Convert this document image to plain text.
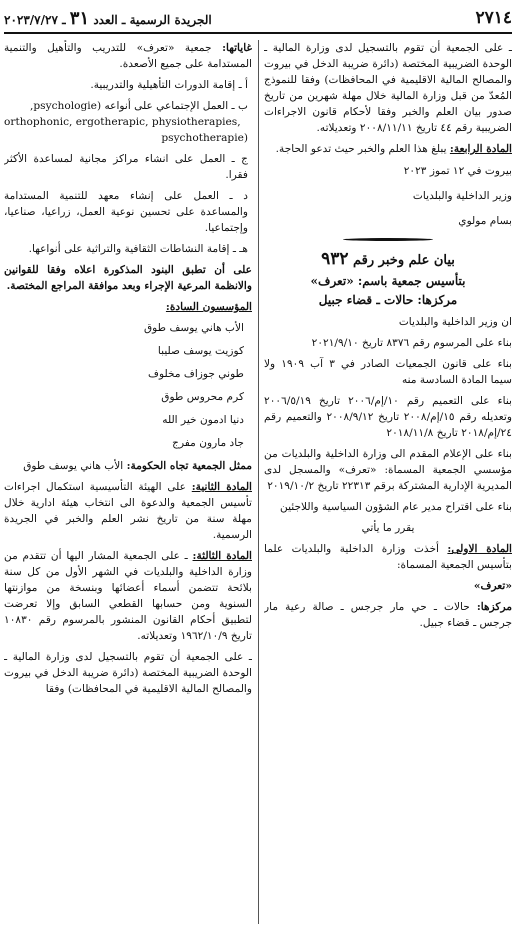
الجريدة الرسمية ـ العدد ٣١ ـ ٢٠٢٣/٧/٢٧	٢٧١٤

ـ على الجمعية أن تقوم بالتسجيل لدى وزارة المالية ـ الوحدة الضريبية المختصة (دائرة ضريبة الدخل في بيروت والمصالح المالية الاقليمية في المحافظات) وفقا للنموذج المُعدّ من قبل وزارة المالية خلال مهلة شهرين من تاريخ صدور بيان العلم والخبر وفقا لأحكام قانون الاجراءات الضريبية رقم ٤٤ تاريخ ٢٠٠٨/١١/١١ وتعديلاته.

المادة الرابعة: يبلغ هذا العلم والخبر حيث تدعو الحاجة.

بيروت في ١٢ تموز ٢٠٢٣
وزير الداخلية والبلديات
بسام مولوي
بيان علم وخبر رقم ٩٣٢
بتأسيس جمعية باسم: «تعرف»
مركزها: حالات ـ قضاء جبيل

ان وزير الداخلية والبلديات

بناء على المرسوم رقم ٨٣٧٦ تاريخ ٢٠٢١/٩/١٠

بناء على قانون الجمعيات الصادر في ٣ آب ١٩٠٩ ولا سيما المادة السادسة منه

بناء على التعميم رقم ١٠/إم/٢٠٠٦ تاريخ ٢٠٠٦/٥/١٩ وتعديله رقم ١٥/إم/٢٠٠٨ تاريخ ٢٠٠٨/٩/١٢ والتعميم رقم ٢٤/إم/٢٠١٨ تاريخ ٢٠١٨/١١/٨

بناء على الإعلام المقدم الى وزارة الداخلية والبلديات من مؤسسي الجمعية المسماة: «تعرف» والمسجل لدى المديرية الإدارية المشتركة برقم ٢٢٣١٣ تاريخ ٢٠١٩/١٠/٢

بناء على اقتراح مدير عام الشؤون السياسية واللاجئين

يقرر ما يأتي

المادة الاولى: أخذت وزارة الداخلية والبلديات علما بتأسيس الجمعية المسماة:

«تعرف»

مركزها: حالات ـ حي مار جرجس ـ صالة رعية مار جرجس ـ قضاء جبيل.

غاياتها: جمعية «تعرف» للتدريب والتأهيل والتنمية المستدامة على جميع الأصعدة.

أ ـ إقامة الدورات التأهيلية والتدريبية.

ب ـ العمل الإجتماعي على أنواعه (psychologie,
orthophonic, ergotherapic, physiotherapies,
psychotherapie)

ج ـ العمل على انشاء مراكز مجانية لمساعدة الأكثر فقرا.

د ـ العمل على إنشاء معهد للتنمية المستدامة والمساعدة على تحسين نوعية العمل، زراعيا، صناعيا، وإجتماعيا.

هـ ـ إقامة النشاطات الثقافية والتراثية على أنواعها.

على أن تطبق البنود المذكورة اعلاه وفقا للقوانين والانظمة المرعية الإجراء وبعد موافقة المراجع المختصة.

المؤسسون السادة:

الأب هاني يوسف طوق
كوزيت يوسف صليبا
طوني جوزاف مخلوف
كرم محروس طوق
دنيا ادمون خير الله
جاد مارون مفرج

ممثل الجمعية تجاه الحكومة: الأب هاني يوسف طوق

المادة الثانية: على الهيئة التأسيسية استكمال اجراءات تأسيس الجمعية والدعوة الى انتخاب هيئة ادارية خلال مهلة سنة من تاريخ نشر العلم والخبر في الجريدة الرسمية.

المادة الثالثة: ـ على الجمعية المشار اليها أن تتقدم من وزارة الداخلية والبلديات في الشهر الأول من كل سنة بلائحة تتضمن أسماء أعضائها وبنسخة من موازنتها السنوية ومن حسابها القطعي السابق وإلا تعرضت لتطبيق أحكام القانون المنشور بالمرسوم رقم ١٠٨٣٠ تاريخ ١٩٦٢/١٠/٩ وتعديلاته.

ـ على الجمعية أن تقوم بالتسجيل لدى وزارة المالية ـ الوحدة الضريبية المختصة (دائرة ضريبة الدخل في بيروت والمصالح المالية الاقليمية في المحافظات) وفقا
